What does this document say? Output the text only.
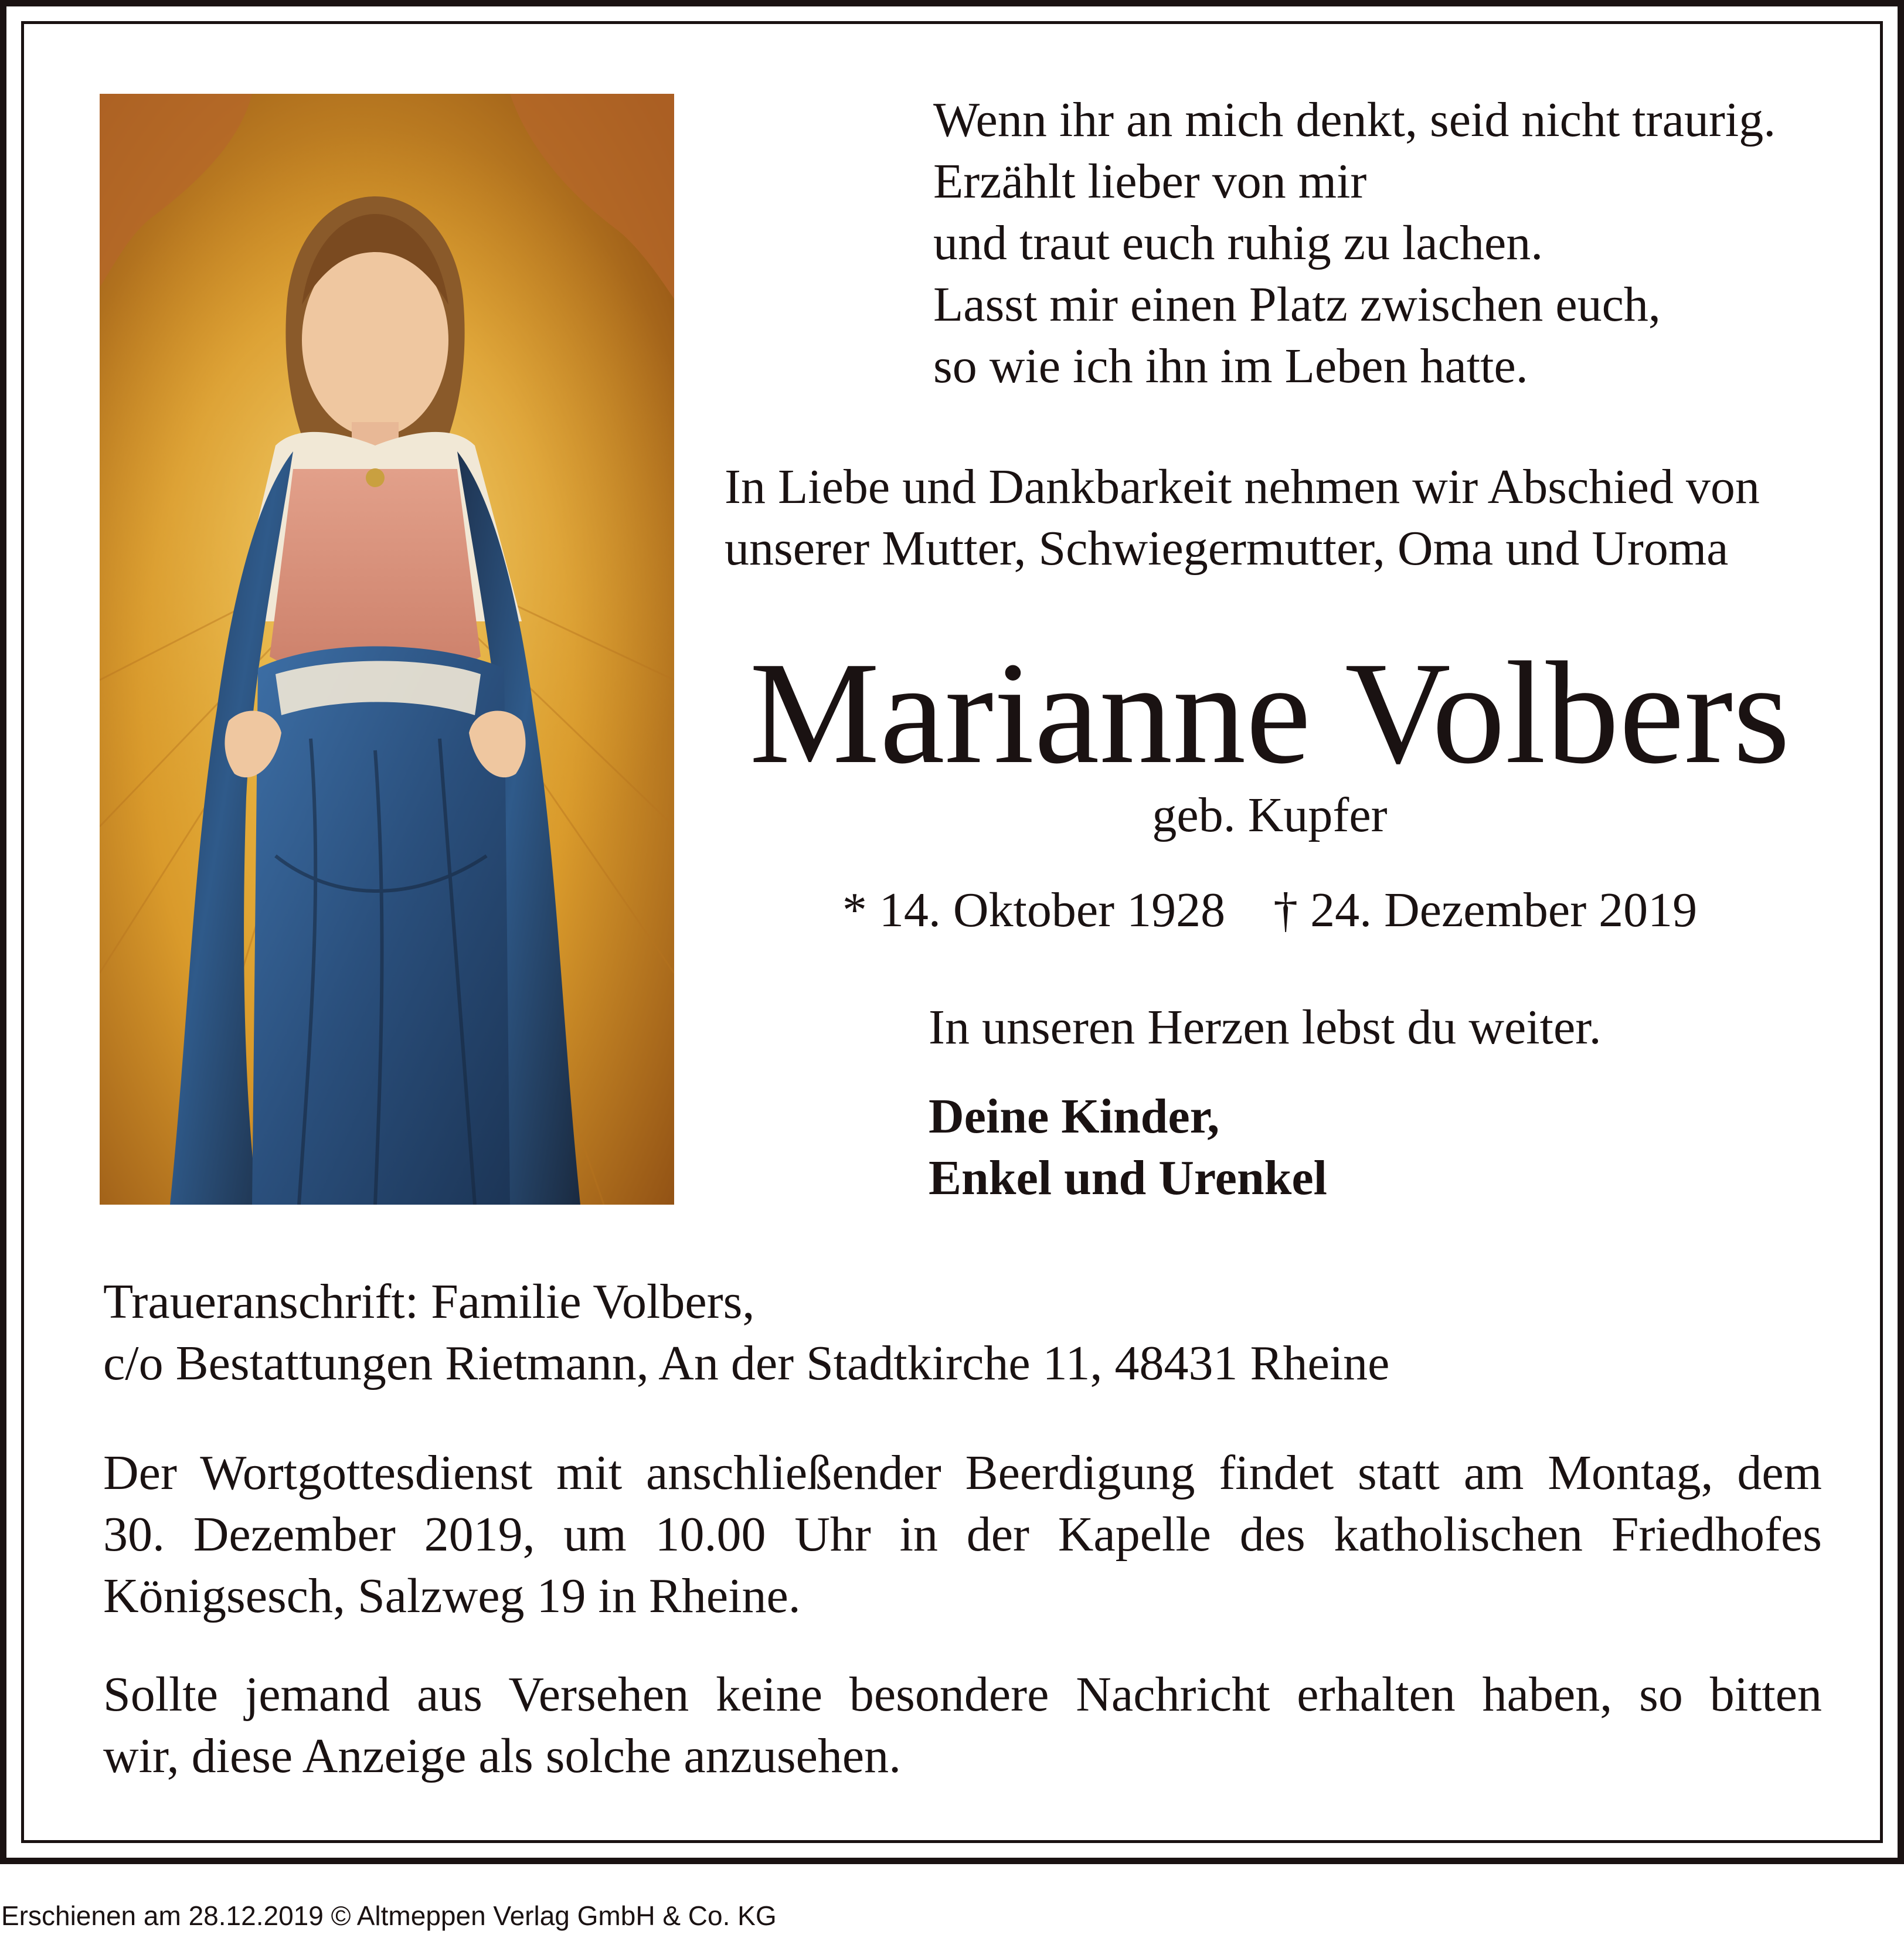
Wenn ihr an mich denkt, seid nicht traurig.
Erzählt lieber von mir
und traut euch ruhig zu lachen.
Lasst mir einen Platz zwischen euch,
so wie ich ihn im Leben hatte.
In Liebe und Dankbarkeit nehmen wir Abschied von
unserer Mutter, Schwiegermutter, Oma und Uroma
Marianne Volbers
geb. Kupfer
* 14. Oktober 1928 † 24. Dezember 2019
In unseren Herzen lebst du weiter.
Deine Kinder,
Enkel und Urenkel
Traueranschrift: Familie Volbers,
c/o Bestattungen Rietmann, An der Stadtkirche 11, 48431 Rheine
Der Wortgottesdienst mit anschließender Beerdigung findet statt am Montag, dem
30. Dezember 2019, um 10.00 Uhr in der Kapelle des katholischen Friedhofes
Königsesch, Salzweg 19 in Rheine.
Sollte jemand aus Versehen keine besondere Nachricht erhalten haben, so bitten
wir, diese Anzeige als solche anzusehen.
Erschienen am 28.12.2019 © Altmeppen Verlag GmbH & Co. KG
